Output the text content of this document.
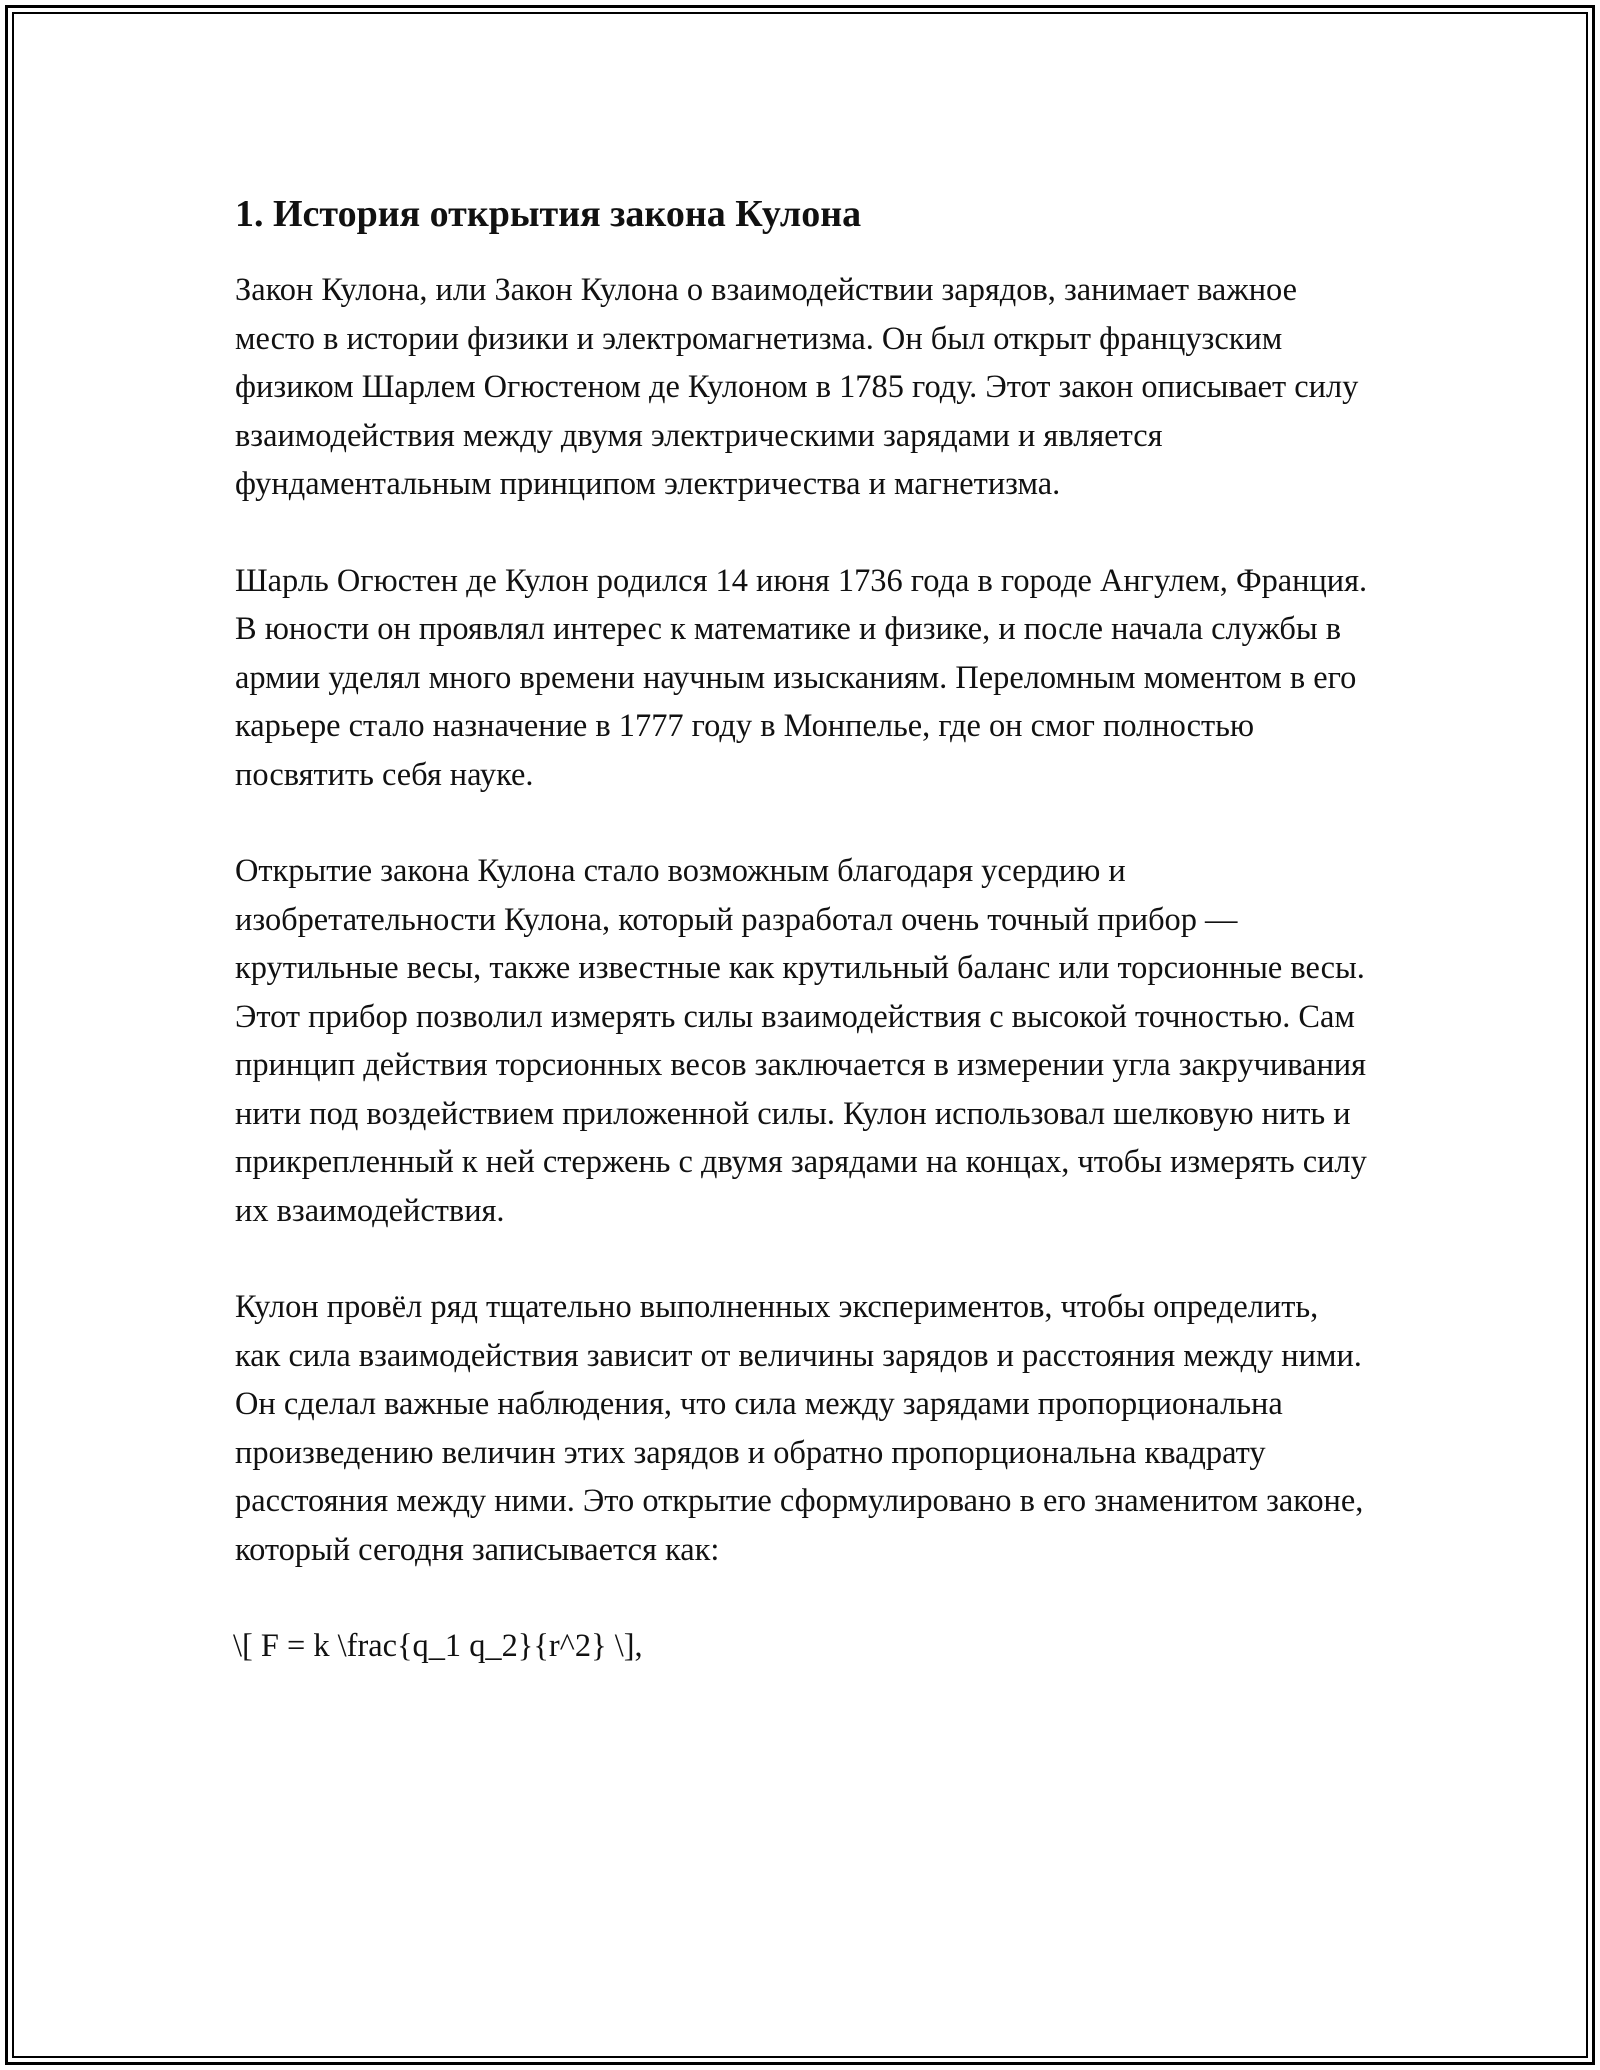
1. История открытия закона Кулона

Закон Кулона, или Закон Кулона о взаимодействии зарядов, занимает важное место в истории физики и электромагнетизма. Он был открыт французским физиком Шарлем Огюстеном де Кулоном в 1785 году. Этот закон описывает силу взаимодействия между двумя электрическими зарядами и является фундаментальным принципом электричества и магнетизма.

Шарль Огюстен де Кулон родился 14 июня 1736 года в городе Ангулем, Франция. В юности он проявлял интерес к математике и физике, и после начала службы в армии уделял много времени научным изысканиям. Переломным моментом в его карьере стало назначение в 1777 году в Монпелье, где он смог полностью посвятить себя науке.

Открытие закона Кулона стало возможным благодаря усердию и изобретательности Кулона, который разработал очень точный прибор — крутильные весы, также известные как крутильный баланс или торсионные весы. Этот прибор позволил измерять силы взаимодействия с высокой точностью. Сам принцип действия торсионных весов заключается в измерении угла закручивания нити под воздействием приложенной силы. Кулон использовал шелковую нить и прикрепленный к ней стержень с двумя зарядами на концах, чтобы измерять силу их взаимодействия.

Кулон провёл ряд тщательно выполненных экспериментов, чтобы определить, как сила взаимодействия зависит от величины зарядов и расстояния между ними. Он сделал важные наблюдения, что сила между зарядами пропорциональна произведению величин этих зарядов и обратно пропорциональна квадрату расстояния между ними. Это открытие сформулировано в его знаменитом законе, который сегодня записывается как:

\[ F = k \frac{q_1 q_2}{r^2} \],
